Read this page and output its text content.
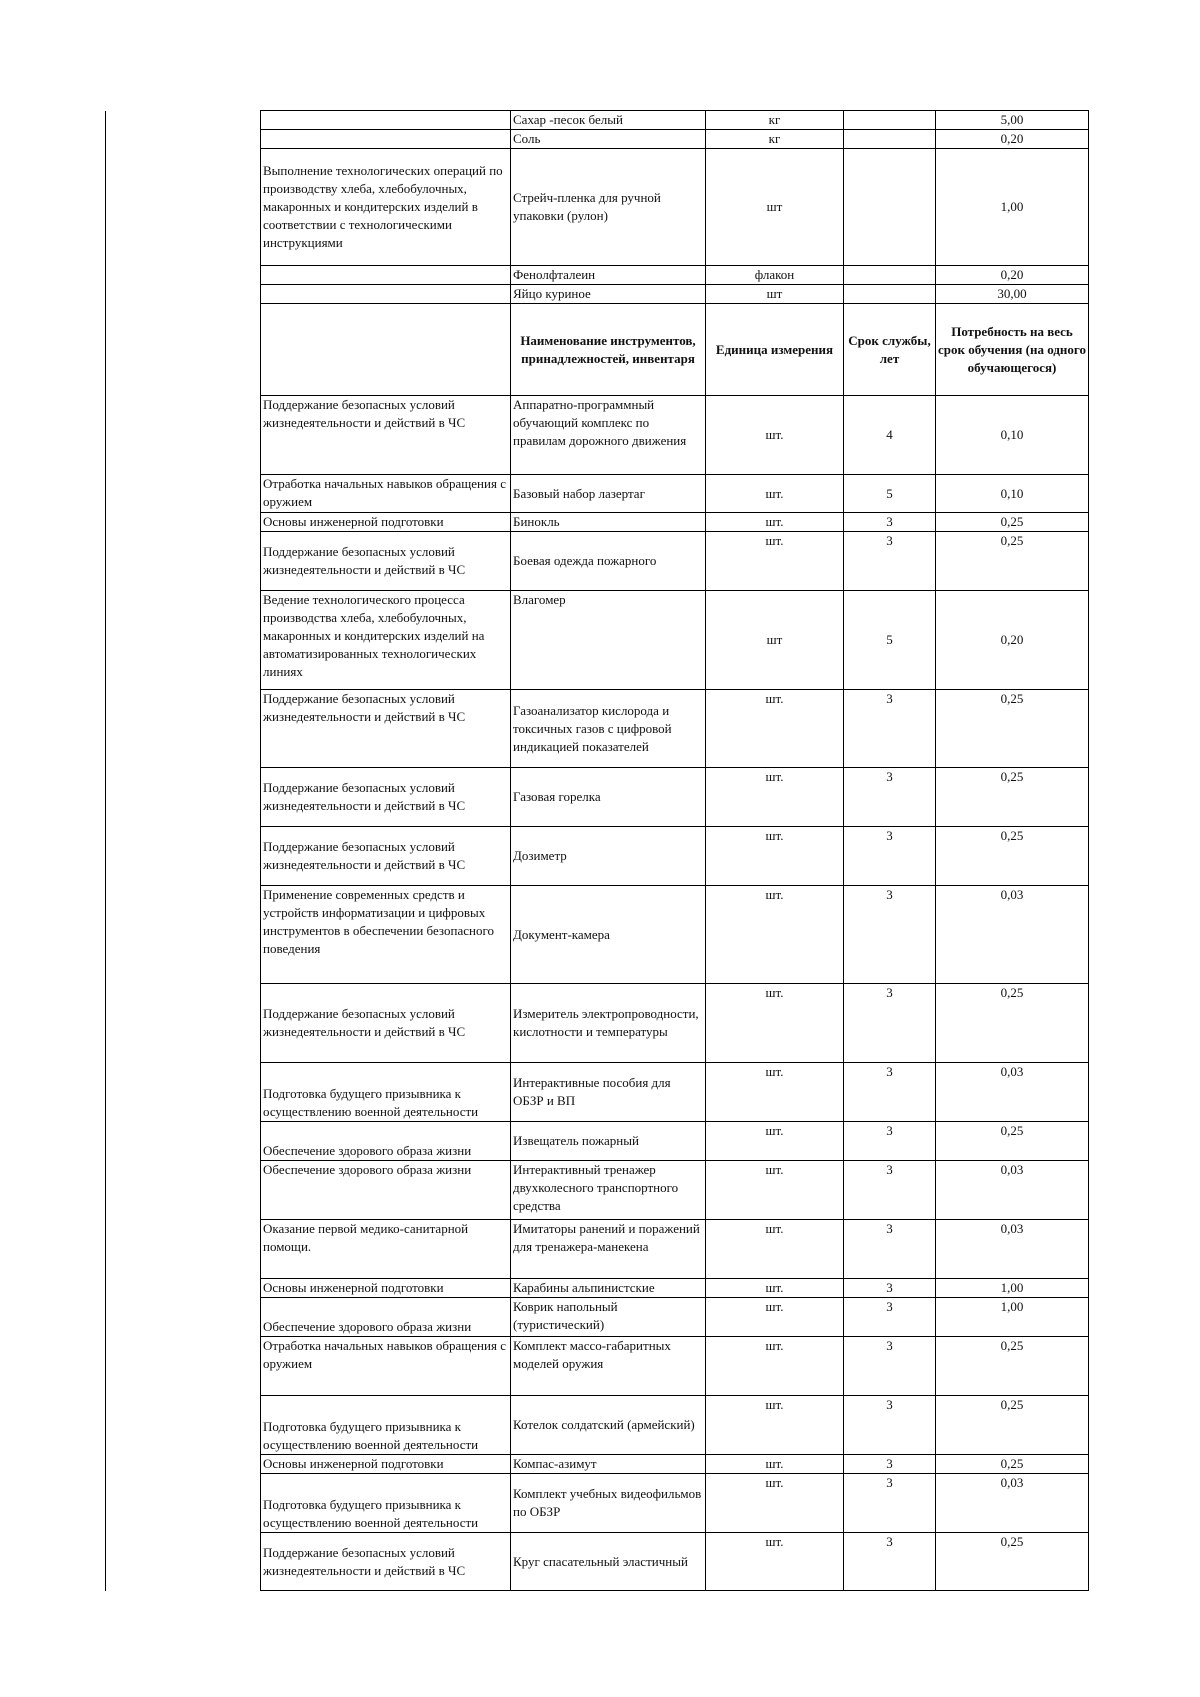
		Сахар -песок белый	кг		5,00
		Соль	кг		0,20
	Выполнение технологических операций по производству хлеба, хлебобулочных, макаронных и кондитерских изделий в соответствии с технологическими инструкциями	Стрейч-пленка для ручной упаковки (рулон)	шт		1,00
		Фенолфталеин	флакон		0,20
		Яйцо куриное	шт		30,00
		Наименование инструментов, принадлежностей, инвентаря	Единица измерения	Срок службы, лет	Потребность на весь срок обучения (на одного обучающегося)
	Поддержание безопасных условий жизнедеятельности и действий в ЧС	Аппаратно-программный обучающий комплекс по правилам дорожного движения	шт.	4	0,10
	Отработка начальных навыков обращения с оружием	Базовый набор лазертаг	шт.	5	0,10
	Основы инженерной подготовки	Бинокль	шт.	3	0,25
	Поддержание безопасных условий жизнедеятельности и действий в ЧС	Боевая одежда пожарного	шт.	3	0,25
	Ведение технологического процесса производства хлеба, хлебобулочных, макаронных и кондитерских изделий на автоматизированных технологических линиях	Влагомер	шт	5	0,20
	Поддержание безопасных условий жизнедеятельности и действий в ЧС	Газоанализатор кислорода и токсичных газов с цифровой индикацией показателей	шт.	3	0,25
	Поддержание безопасных условий жизнедеятельности и действий в ЧС	Газовая горелка	шт.	3	0,25
	Поддержание безопасных условий жизнедеятельности и действий в ЧС	Дозиметр	шт.	3	0,25
	Применение современных средств и устройств информатизации и цифровых инструментов в обеспечении безопасного поведения	Документ-камера	шт.	3	0,03
	Поддержание безопасных условий жизнедеятельности и действий в ЧС	Измеритель электропроводности, кислотности и температуры	шт.	3	0,25
	Подготовка будущего призывника к осуществлению военной деятельности	Интерактивные пособия для ОБЗР и ВП	шт.	3	0,03
	Обеспечение здорового образа жизни	Извещатель пожарный	шт.	3	0,25
	Обеспечение здорового образа жизни	Интерактивный тренажер двухколесного транспортного средства	шт.	3	0,03
	Оказание первой медико-санитарной помощи.	Имитаторы ранений и поражений для тренажера-манекена	шт.	3	0,03
	Основы инженерной подготовки	Карабины альпинистские	шт.	3	1,00
	Обеспечение здорового образа жизни	Коврик напольный (туристический)	шт.	3	1,00
	Отработка начальных навыков обращения с оружием	Комплект массо-габаритных моделей оружия	шт.	3	0,25
	Подготовка будущего призывника к осуществлению военной деятельности	Котелок солдатский (армейский)	шт.	3	0,25
	Основы инженерной подготовки	Компас-азимут	шт.	3	0,25
	Подготовка будущего призывника к осуществлению военной деятельности	Комплект учебных видеофильмов по ОБЗР	шт.	3	0,03
	Поддержание безопасных условий жизнедеятельности и действий в ЧС	Круг спасательный эластичный	шт.	3	0,25
